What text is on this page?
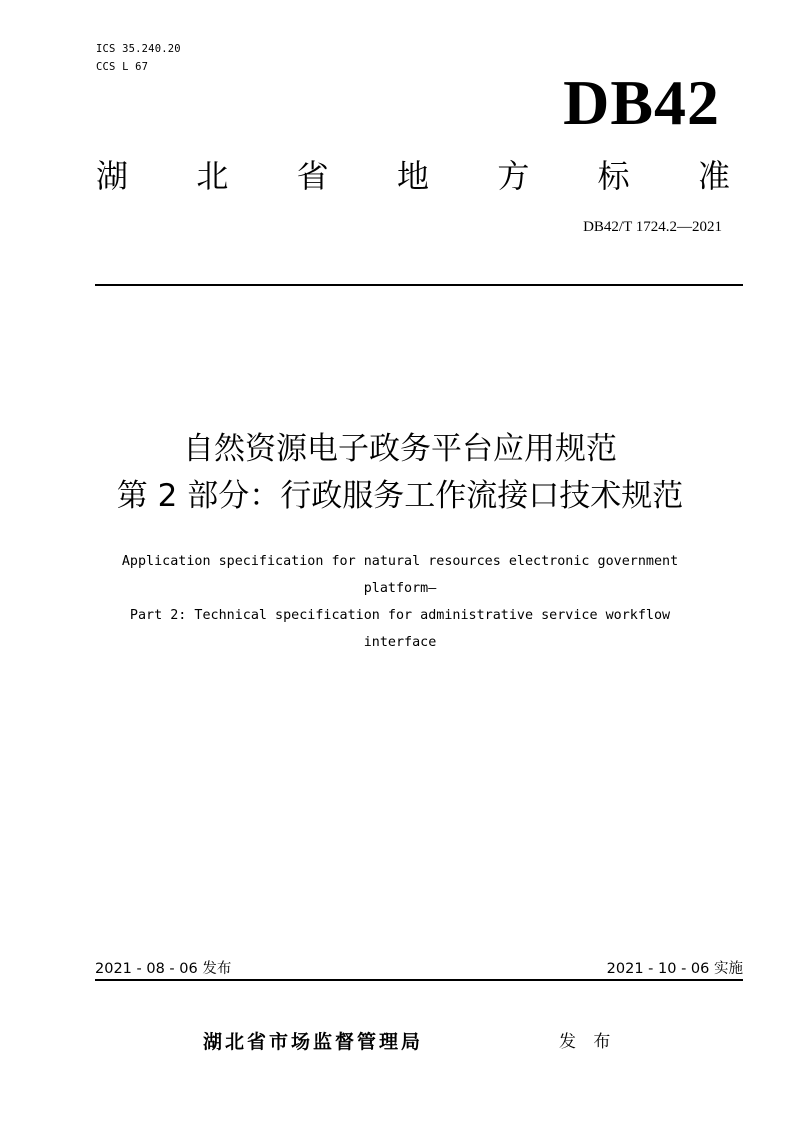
ICS 35.240.20
CCS L 67	DB42
湖 北 省 地 方 标 准
DB42/T 1724.2—2021
自然资源电子政务平台应用规范
第 2 部分：行政服务工作流接口技术规范
Application specification for natural resources electronic government
platform—
Part 2: Technical specification for administrative service workflow
interface
2021 - 08 - 06 发布	2021 - 10 - 06 实施
湖北省市场监督管理局	发 布
